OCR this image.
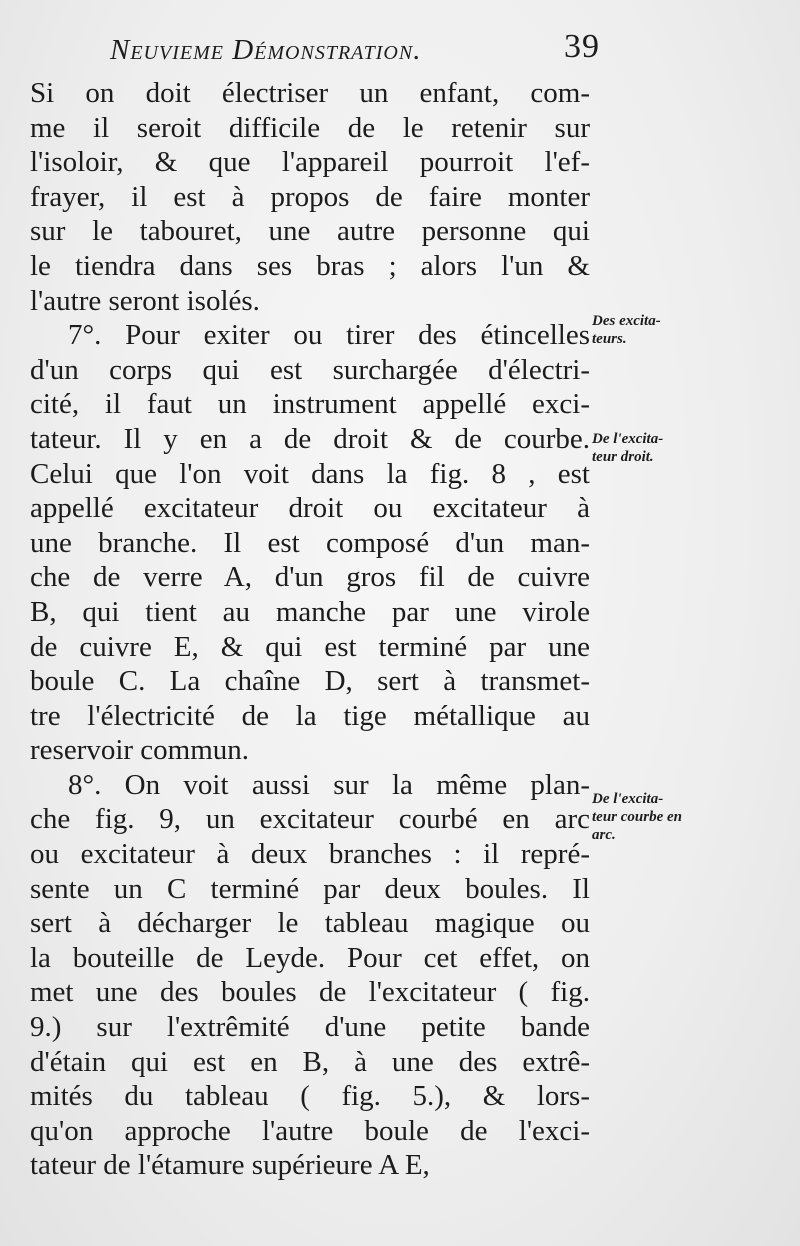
Neuvieme Démonstration.	39
Si on doit électriser un enfant, com-
me il seroit difficile de le retenir sur
l'isoloir, & que l'appareil pourroit l'ef-
frayer, il est à propos de faire monter
sur le tabouret, une autre personne qui
le tiendra dans ses bras ; alors l'un &
l'autre seront isolés.
7°. Pour exiter ou tirer des étincelles
d'un corps qui est surchargée d'électri-
cité, il faut un instrument appellé exci-
tateur. Il y en a de droit & de courbe.
Celui que l'on voit dans la fig. 8 , est
appellé excitateur droit ou excitateur à
une branche. Il est composé d'un man-
che de verre A, d'un gros fil de cuivre
B, qui tient au manche par une virole
de cuivre E, & qui est terminé par une
boule C. La chaîne D, sert à transmet-
tre l'électricité de la tige métallique au
reservoir commun.
8°. On voit aussi sur la même plan-
che fig. 9, un excitateur courbé en arc
ou excitateur à deux branches : il repré-
sente un C terminé par deux boules. Il
sert à décharger le tableau magique ou
la bouteille de Leyde. Pour cet effet, on
met une des boules de l'excitateur ( fig.
9.) sur l'extrêmité d'une petite bande
d'étain qui est en B, à une des extrê-
mités du tableau ( fig. 5.), & lors-
qu'on approche l'autre boule de l'exci-
tateur de l'étamure supérieure A E,
Des excita-
teurs.
De l'excita-
teur droit.
De l'excita-
teur courbe en
arc.
